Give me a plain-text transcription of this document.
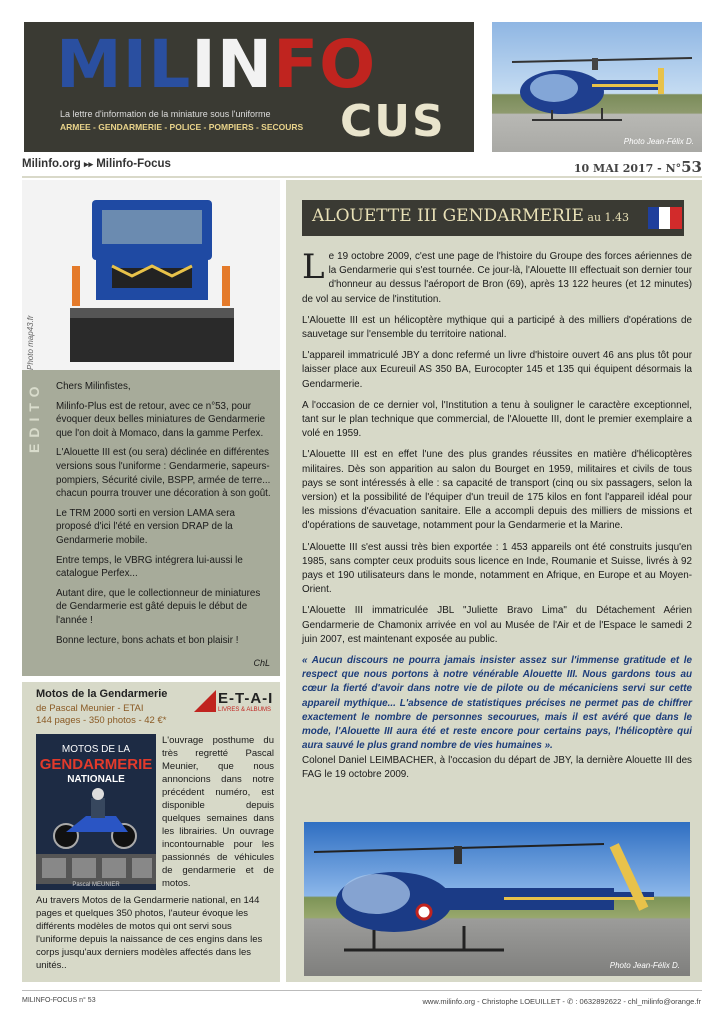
MILINFO
La lettre d'information de la miniature sous l'uniforme
ARMEE - GENDARMERIE - POLICE - POMPIERS - SECOURS CUS	Photo Jean-Félix D.
Milinfo.org ▸▸ Milinfo-Focus	10 MAI 2017 - N°53
Photo map43.fr
EDITO Chers Milinfistes,

Milinfo-Plus est de retour, avec ce n°53, pour évoquer deux belles miniatures de Gendarmerie que l'on doit à Momaco, dans la gamme Perfex.

L'Alouette III est (ou sera) déclinée en différentes versions sous l'uniforme : Gendarmerie, sapeurs-pompiers, Sécurité civile, BSPP, armée de terre... chacun pourra trouver une décoration à son goût.

Le TRM 2000 sorti en version LAMA sera proposé d'ici l'été en version DRAP de la Gendarmerie mobile.

Entre temps, le VBRG intégrera lui-aussi le catalogue Perfex...

Autant dire, que le collectionneur de miniatures de Gendarmerie est gâté depuis le début de l'année !

Bonne lecture, bons achats et bon plaisir !

ChL
Motos de la Gendarmerie
de Pascal Meunier - ETAI
144 pages - 350 photos - 42 €*
E-T-A-I
LIVRES & ALBUMS
MOTOS DE LA
GENDARMERIE
NATIONALE
Pascal MEUNIER
L'ouvrage posthume du très regretté Pascal Meunier, que nous annoncions dans notre précédent numéro, est disponible depuis quelques semaines dans les librairies. Un ouvrage incontournable pour les passionnés de véhicules de gendarmerie et de motos.
Au travers Motos de la Gendarmerie national, en 144 pages et quelques 350 photos, l'auteur évoque les différents modèles de motos qui ont servi sous l'uniforme depuis la naissance de ces engins dans les corps jusqu'aux derniers modèles affectés dans les unités..
ALOUETTE III GENDARMERIE au 1.43

Le 19 octobre 2009, c'est une page de l'histoire du Groupe des forces aériennes de la Gendarmerie qui s'est tournée. Ce jour-là, l'Alouette III effectuait son dernier tour d'honneur au dessus l'aéroport de Bron (69), après 13 122 heures (et 12 minutes) de vol au service de l'institution.

L'Alouette III est un hélicoptère mythique qui a participé à des milliers d'opérations de sauvetage sur l'ensemble du territoire national.

L'appareil immatriculé JBY a donc refermé un livre d'histoire ouvert 46 ans plus tôt pour laisser place aux Ecureuil AS 350 BA, Eurocopter 145 et 135 qui équipent désormais la Gendarmerie.

A l'occasion de ce dernier vol, l'Institution a tenu à souligner le caractère exceptionnel, tant sur le plan technique que commercial, de l'Alouette III, dont le premier exemplaire a volé en 1959.

L'Alouette III est en effet l'une des plus grandes réussites en matière d'hélicoptères militaires. Dès son apparition au salon du Bourget en 1959, militaires et civils de tous pays se sont intéressés à elle : sa capacité de transport (cinq ou six passagers, selon la version) et la possibilité de l'équiper d'un treuil de 175 kilos en font l'appareil idéal pour les missions d'évacuation sanitaire. Elle a accompli depuis des milliers de missions et d'opérations de sauvetage, notamment pour la Gendarmerie et la Marine.

L'Alouette III s'est aussi très bien exportée : 1 453 appareils ont été construits jusqu'en 1985, sans compter ceux produits sous licence en Inde, Roumanie et Suisse, livrés à 92 pays et 190 utilisateurs dans le monde, notamment en Afrique, en Europe et au Moyen-Orient.

L'Alouette III immatriculée JBL "Juliette Bravo Lima" du Détachement Aérien Gendarmerie de Chamonix arrivée en vol au Musée de l'Air et de l'Espace le samedi 2 juin 2007, est maintenant exposée au public.

« Aucun discours ne pourra jamais insister assez sur l'immense gratitude et le respect que nous portons à notre vénérable Alouette III. Nous gardons tous au cœur la fierté d'avoir dans notre vie de pilote ou de mécaniciens servi sur cette appareil mythique... L'absence de statistiques précises ne permet pas de chiffrer exactement le nombre de personnes secourues, mais il est avéré que dans le mode, l'Alouette III aura été et reste encore pour certains pays, l'hélicoptère qui aura sauvé le plus grand nombre de vies humaines ».

Colonel Daniel LEIMBACHER, à l'occasion du départ de JBY, la dernière Alouette III des FAG le 19 octobre 2009.

Photo Jean-Félix D.
MILINFO-FOCUS n° 53	www.milinfo.org - Christophe LOEUILLET - ✆ : 0632892622 - chl_milinfo@orange.fr
